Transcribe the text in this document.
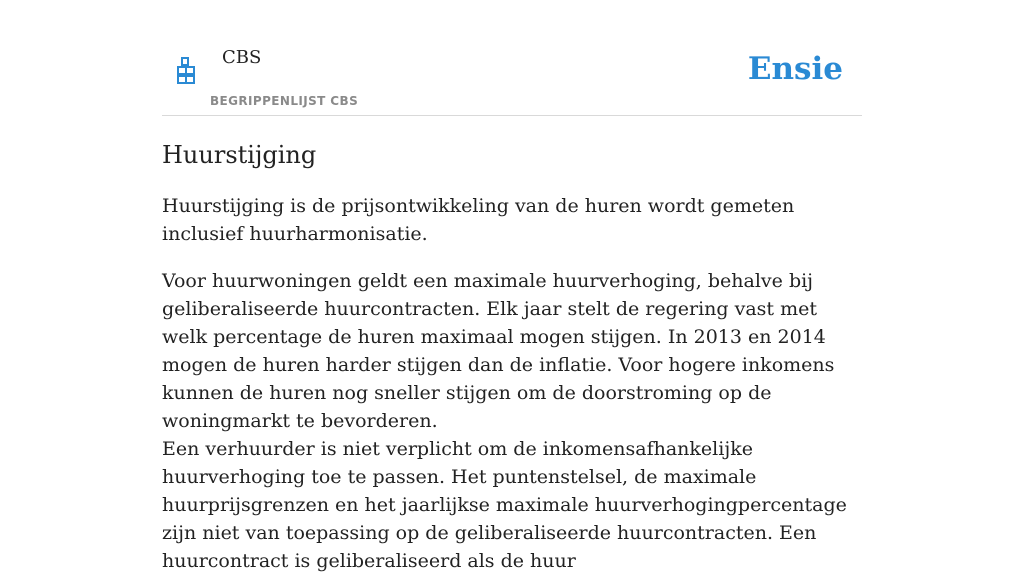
CBS
BEGRIPPENLIJST CBS
Ensie
Huurstijging

Huurstijging is de prijsontwikkeling van de huren wordt gemeten inclusief huurharmonisatie.

Voor huurwoningen geldt een maximale huurverhoging, behalve bij geliberaliseerde huurcontracten. Elk jaar stelt de regering vast met welk percentage de huren maximaal mogen stijgen. In 2013 en 2014 mogen de huren harder stijgen dan de inflatie. Voor hogere inkomens kunnen de huren nog sneller stijgen om de doorstroming op de woningmarkt te bevorderen.

Een verhuurder is niet verplicht om de inkomensafhankelijke huurverhoging toe te passen. Het puntenstelsel, de maximale huurprijsgrenzen en het jaarlijkse maximale huurverhogingpercentage zijn niet van toepassing op de geliberaliseerde huurcontracten. Een huurcontract is geliberaliseerd als de huur
